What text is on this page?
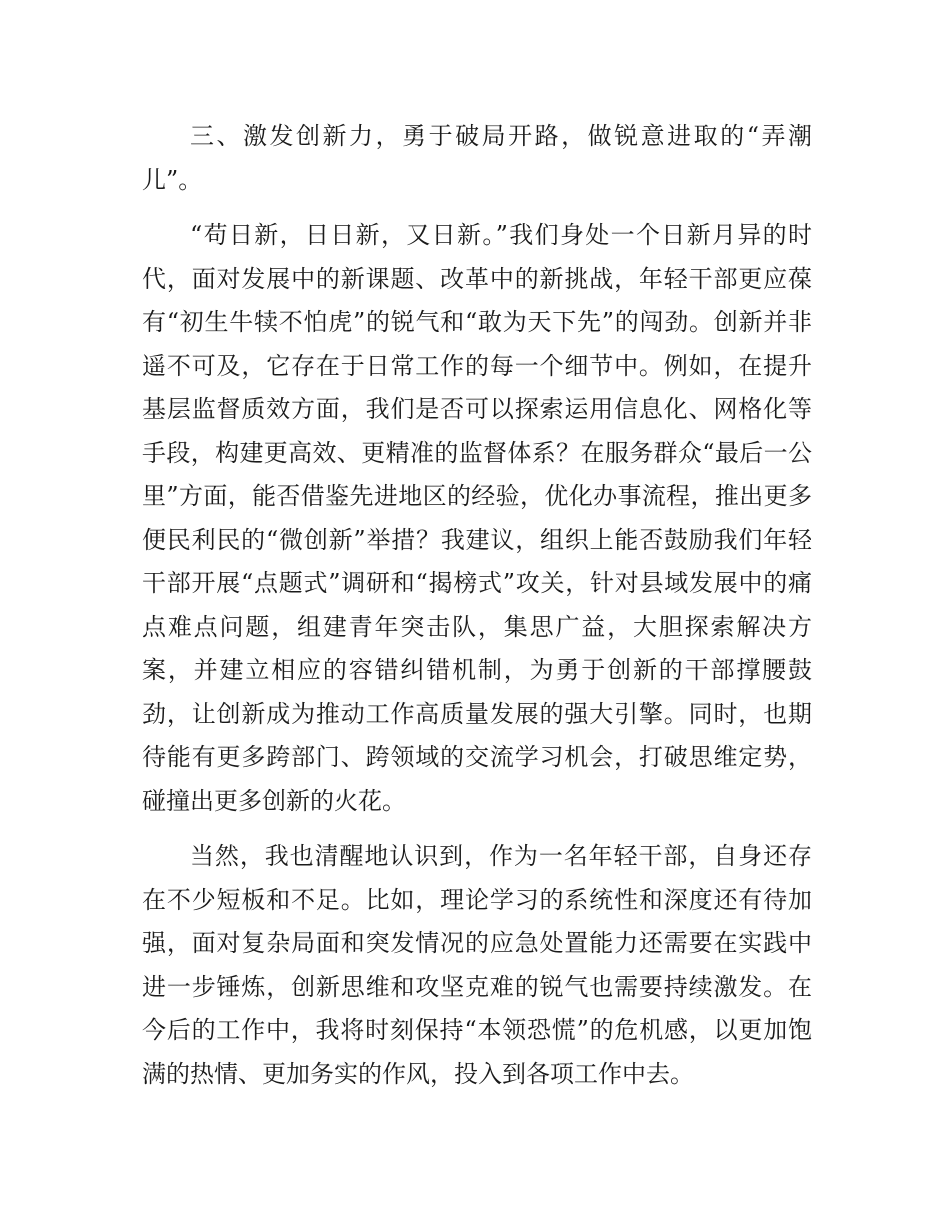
三、激发创新力，勇于破局开路，做锐意进取的“弄潮儿”。

“苟日新，日日新，又日新。”我们身处一个日新月异的时代，面对发展中的新课题、改革中的新挑战，年轻干部更应葆有“初生牛犊不怕虎”的锐气和“敢为天下先”的闯劲。创新并非遥不可及，它存在于日常工作的每一个细节中。例如，在提升基层监督质效方面，我们是否可以探索运用信息化、网格化等手段，构建更高效、更精准的监督体系？在服务群众“最后一公里”方面，能否借鉴先进地区的经验，优化办事流程，推出更多便民利民的“微创新”举措？我建议，组织上能否鼓励我们年轻干部开展“点题式”调研和“揭榜式”攻关，针对县域发展中的痛点难点问题，组建青年突击队，集思广益，大胆探索解决方案，并建立相应的容错纠错机制，为勇于创新的干部撑腰鼓劲，让创新成为推动工作高质量发展的强大引擎。同时，也期待能有更多跨部门、跨领域的交流学习机会，打破思维定势，碰撞出更多创新的火花。

当然，我也清醒地认识到，作为一名年轻干部，自身还存在不少短板和不足。比如，理论学习的系统性和深度还有待加强，面对复杂局面和突发情况的应急处置能力还需要在实践中进一步锤炼，创新思维和攻坚克难的锐气也需要持续激发。在今后的工作中，我将时刻保持“本领恐慌”的危机感，以更加饱满的热情、更加务实的作风，投入到各项工作中去。
